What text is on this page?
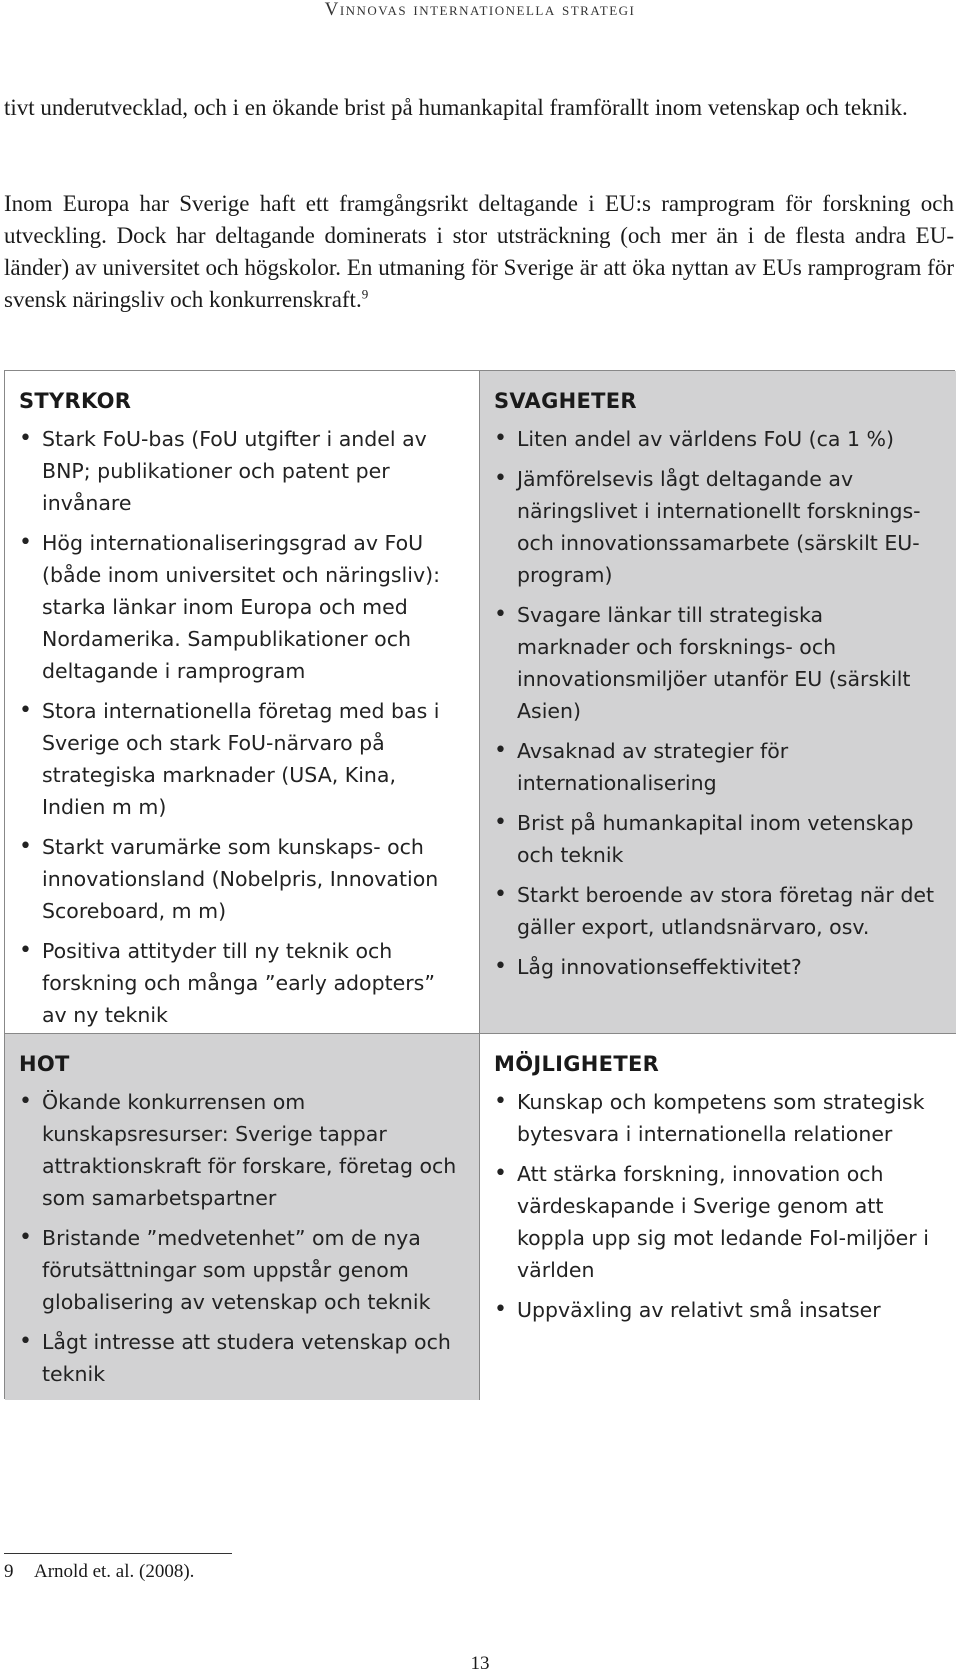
Vinnovas internationella strategi

tivt underutvecklad, och i en ökande brist på humankapital framförallt inom vetenskap och teknik.

Inom Europa har Sverige haft ett framgångsrikt deltagande i EU:s ramprogram för forskning och utveckling. Dock har deltagande dominerats i stor utsträckning (och mer än i de flesta andra EU-länder) av universitet och högskolor. En utmaning för Sverige är att öka nyttan av EUs ramprogram för svensk näringsliv och konkurrenskraft.$^9$

STYRKOR
• Stark FoU-bas (FoU utgifter i andel av BNP; publikationer och patent per invånare
• Hög internationaliseringsgrad av FoU (både inom universitet och näringsliv): starka länkar inom Europa och med Nordamerika. Sampublikationer och deltagande i ramprogram
• Stora internationella företag med bas i Sverige och stark FoU-närvaro på strategiska marknader (USA, Kina, Indien m m)
• Starkt varumärke som kunskaps- och innovationsland (Nobelpris, Innovation Scoreboard, m m)
• Positiva attityder till ny teknik och forskning och många ”early adopters” av ny teknik
SVAGHETER
• Liten andel av världens FoU (ca 1 %)
• Jämförelsevis lågt deltagande av näringslivet i internationellt forsknings- och innovationssamarbete (särskilt EU-program)
• Svagare länkar till strategiska marknader och forsknings- och innovationsmiljöer utanför EU (särskilt Asien)
• Avsaknad av strategier för internationalisering
• Brist på humankapital inom vetenskap och teknik
• Starkt beroende av stora företag när det gäller export, utlandsnärvaro, osv.
• Låg innovationseffektivitet?
HOT
• Ökande konkurrensen om kunskapsresurser: Sverige tappar attraktionskraft för forskare, företag och som samarbetspartner
• Bristande ”medvetenhet” om de nya förutsättningar som uppstår genom globalisering av vetenskap och teknik
• Lågt intresse att studera vetenskap och teknik
MÖJLIGHETER
• Kunskap och kompetens som strategisk bytesvara i internationella relationer
• Att stärka forskning, innovation och värdeskapande i Sverige genom att koppla upp sig mot ledande FoI-miljöer i världen
• Uppväxling av relativt små insatser
9 Arnold et. al. (2008).
13
